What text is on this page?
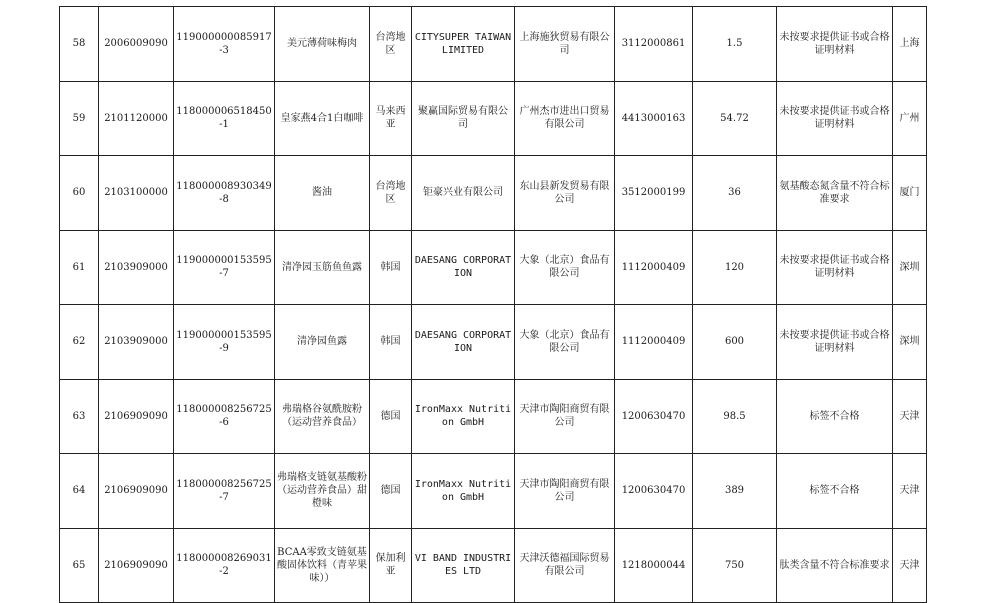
58	2006009090	119000000085917-3	美元薄荷味梅肉	台湾地区	CITYSUPER TAIWAN LIMITED	上海施狄贸易有限公司	3112000861	1.5	未按要求提供证书或合格证明材料	上海
59	2101120000	118000006518450-1	皇家燕4合1白咖啡	马来西亚	聚赢国际贸易有限公司	广州杰市进出口贸易有限公司	4413000163	54.72	未按要求提供证书或合格证明材料	广州
60	2103100000	118000008930349-8	酱油	台湾地区	钜豪兴业有限公司	东山县新发贸易有限公司	3512000199	36	氨基酸态氮含量不符合标准要求	厦门
61	2103909000	119000000153595-7	清净园玉筋鱼鱼露	韩国	DAESANG CORPORATION	大象（北京）食品有限公司	1112000409	120	未按要求提供证书或合格证明材料	深圳
62	2103909000	119000000153595-9	清净园鱼露	韩国	DAESANG CORPORATION	大象（北京）食品有限公司	1112000409	600	未按要求提供证书或合格证明材料	深圳
63	2106909090	118000008256725-6	弗瑞格谷氨酰胺粉（运动营养食品）	德国	IronMaxx Nutrition GmbH	天津市陶阳商贸有限公司	1200630470	98.5	标签不合格	天津
64	2106909090	118000008256725-7	弗瑞格支链氨基酸粉（运动营养食品）甜橙味	德国	IronMaxx Nutrition GmbH	天津市陶阳商贸有限公司	1200630470	389	标签不合格	天津
65	2106909090	118000008269031-2	BCAA零致支链氨基酸固体饮料（青苹果味））	保加利亚	VI BAND INDUSTRIES LTD	天津沃德福国际贸易有限公司	1218000044	750	肽类含量不符合标准要求	天津
